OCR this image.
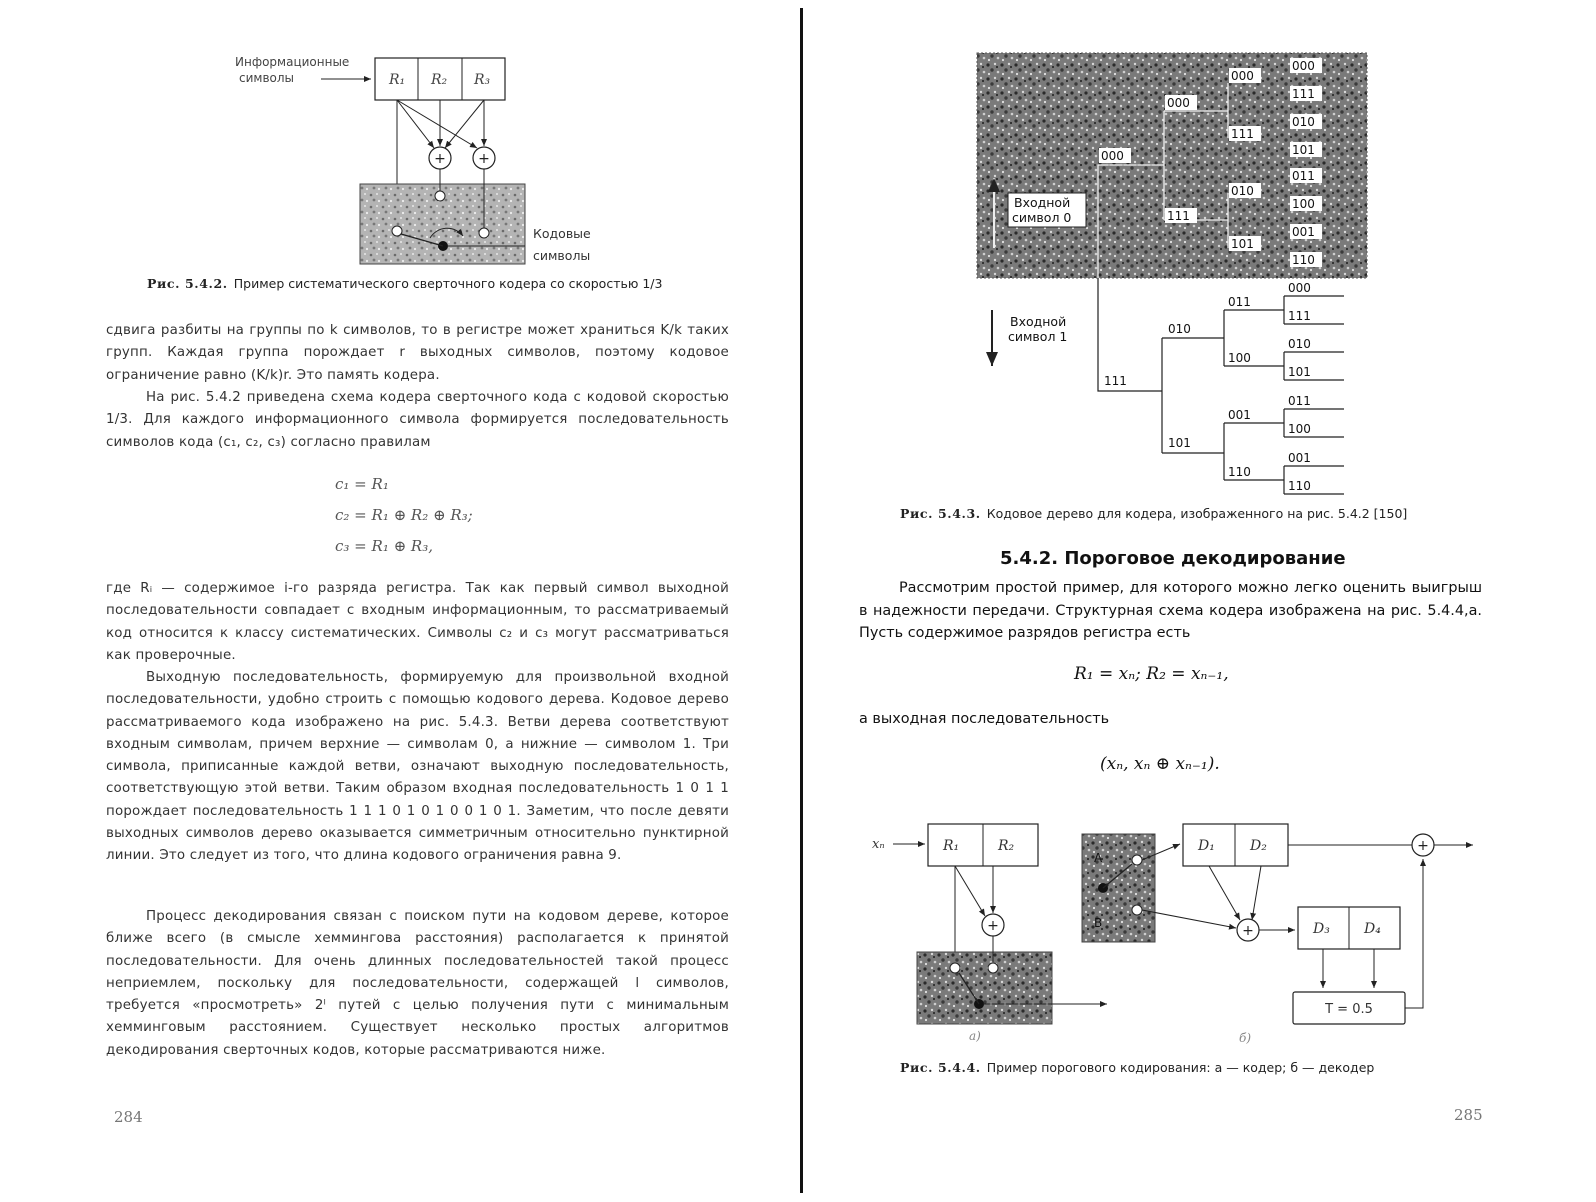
Информационные
символы	R₁ R₂ R₃
+ +
Кодовые
символы
Рис. 5.4.2. Пример систематического сверточного кодера со скоростью 1/3

сдвига разбиты на группы по k символов, то в регистре может храниться K/k таких групп. Каждая группа порождает r выходных символов, поэтому кодовое ограничение равно (K/k)r. Это память кодера.

На рис. 5.4.2 приведена схема кодера сверточного кода с кодовой скоростью 1/3. Для каждого информационного символа формируется последовательность символов кода (c₁, c₂, c₃) согласно правилам

c₁ = R₁
c₂ = R₁ ⊕ R₂ ⊕ R₃;
c₃ = R₁ ⊕ R₃,

где Rᵢ — содержимое i-го разряда регистра. Так как первый символ выходной последовательности совпадает с входным информационным, то рассматриваемый код относится к классу систематических. Символы c₂ и c₃ могут рассматриваться как проверочные.

Выходную последовательность, формируемую для произвольной входной последовательности, удобно строить с помощью кодового дерева. Кодовое дерево рассматриваемого кода изображено на рис. 5.4.3. Ветви дерева соответствуют входным символам, причем верхние — символам 0, а нижние — символом 1. Три символа, приписанные каждой ветви, означают выходную последовательность, соответствующую этой ветви. Таким образом входная последовательность 1 0 1 1 порождает последовательность 1 1 1 0 1 0 1 0 0 1 0 1. Заметим, что после девяти выходных символов дерево оказывается симметричным относительно пунктирной линии. Это следует из того, что длина кодового ограничения равна 9.

Процесс декодирования связан с поиском пути на кодовом дереве, которое ближе всего (в смысле хеммингова расстояния) располагается к принятой последовательности. Для очень длинных последовательностей такой процесс неприемлем, поскольку для последовательности, содержащей l символов, требуется «просмотреть» 2ˡ путей с целью получения пути с минимальным хемминговым расстоянием. Существует несколько простых алгоритмов декодирования сверточных кодов, которые рассматриваются ниже.

284
Входной
символ 0
000
000
000
000
111
111
010
111
101
010
011
100
101
001
110
Входной
символ 1
111
010
101
011
100
001
110
000
111
010
101
011
100
001
110
Рис. 5.4.3. Кодовое дерево для кодера, изображенного на рис. 5.4.2 [150]
5.4.2. Пороговое декодирование

Рассмотрим простой пример, для которого можно легко оценить выигрыш в надежности передачи. Структурная схема кодера изображена на рис. 5.4.4,a. Пусть содержимое разрядов регистра есть

R₁ = xₙ; R₂ = xₙ₋₁,

а выходная последовательность

(xₙ, xₙ ⊕ xₙ₋₁).
xₙ	R₁	R₂
+
а)
A
B
D₁	D₂
+	D₃ D₄
T = 0.5
+
б)
Рис. 5.4.4. Пример порогового кодирования: а — кодер; б — декодер
285
